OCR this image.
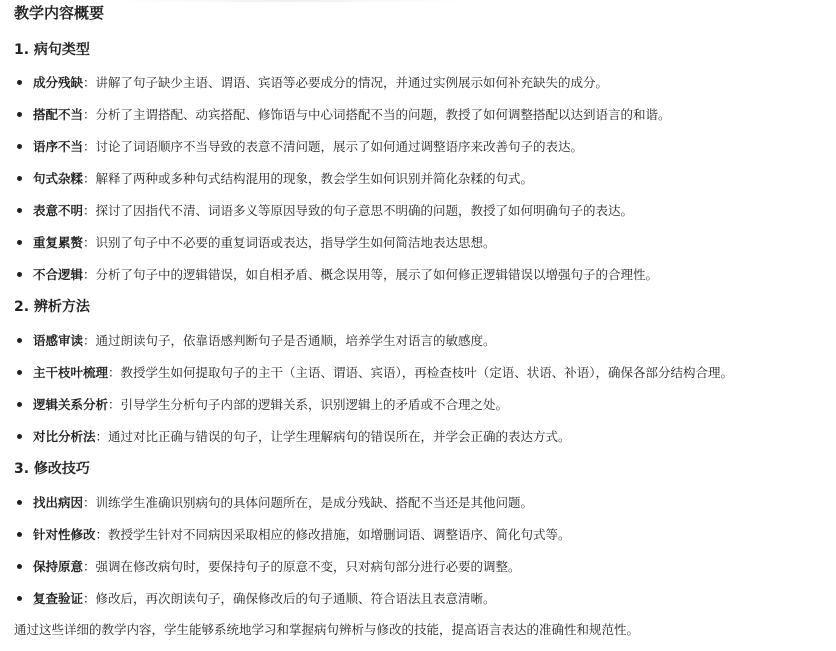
教学内容概要
1. 病句类型
成分残缺：讲解了句子缺少主语、谓语、宾语等必要成分的情况，并通过实例展示如何补充缺失的成分。
搭配不当：分析了主谓搭配、动宾搭配、修饰语与中心词搭配不当的问题，教授了如何调整搭配以达到语言的和谐。
语序不当：讨论了词语顺序不当导致的表意不清问题，展示了如何通过调整语序来改善句子的表达。
句式杂糅：解释了两种或多种句式结构混用的现象，教会学生如何识别并简化杂糅的句式。
表意不明：探讨了因指代不清、词语多义等原因导致的句子意思不明确的问题，教授了如何明确句子的表达。
重复累赘：识别了句子中不必要的重复词语或表达，指导学生如何简洁地表达思想。
不合逻辑：分析了句子中的逻辑错误，如自相矛盾、概念误用等，展示了如何修正逻辑错误以增强句子的合理性。
2. 辨析方法
语感审读：通过朗读句子，依靠语感判断句子是否通顺，培养学生对语言的敏感度。
主干枝叶梳理：教授学生如何提取句子的主干（主语、谓语、宾语），再检查枝叶（定语、状语、补语），确保各部分结构合理。
逻辑关系分析：引导学生分析句子内部的逻辑关系，识别逻辑上的矛盾或不合理之处。
对比分析法：通过对比正确与错误的句子，让学生理解病句的错误所在，并学会正确的表达方式。
3. 修改技巧
找出病因：训练学生准确识别病句的具体问题所在，是成分残缺、搭配不当还是其他问题。
针对性修改：教授学生针对不同病因采取相应的修改措施，如增删词语、调整语序、简化句式等。
保持原意：强调在修改病句时，要保持句子的原意不变，只对病句部分进行必要的调整。
复查验证：修改后，再次朗读句子，确保修改后的句子通顺、符合语法且表意清晰。
通过这些详细的教学内容，学生能够系统地学习和掌握病句辨析与修改的技能，提高语言表达的准确性和规范性。
